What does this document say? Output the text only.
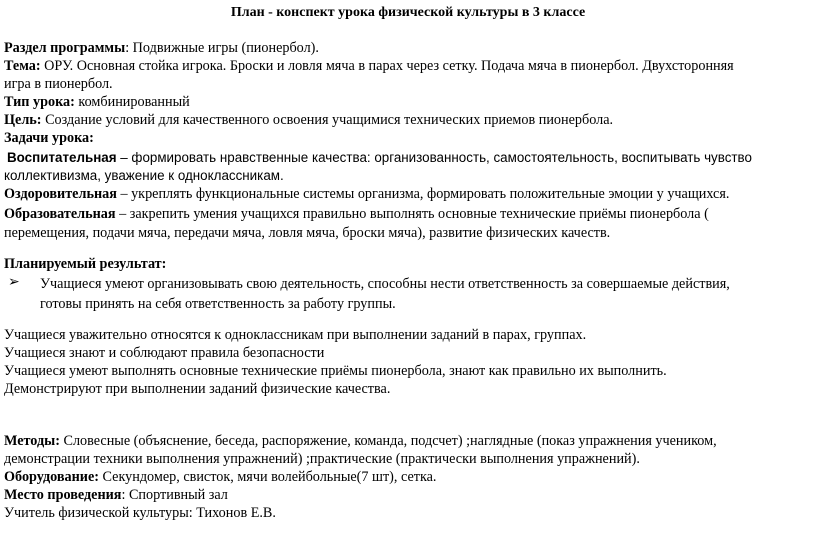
План - конспект урока физической культуры в 3 классе
Раздел программы: Подвижные игры (пионербол).
Тема: ОРУ. Основная стойка игрока. Броски и ловля мяча в парах через сетку. Подача мяча в пионербол. Двухсторонняя
игра в пионербол.
Тип урока: комбинированный
Цель: Создание условий для качественного освоения учащимися технических приемов пионербола.
Задачи урока:
Воспитательная – формировать нравственные качества: организованность, самостоятельность, воспитывать чувство
коллективизма, уважение к одноклассникам.
Оздоровительная – укреплять функциональные системы организма, формировать положительные эмоции у учащихся.
Образовательная – закрепить умения учащихся правильно выполнять основные технические приёмы пионербола (
перемещения, подачи мяча, передачи мяча, ловля мяча, броски мяча), развитие физических качеств.
Планируемый результат:
➢ Учащиеся умеют организовывать свою деятельность, способны нести ответственность за совершаемые действия,
готовы принять на себя ответственность за работу группы.
Учащиеся уважительно относятся к одноклассникам при выполнении заданий в парах, группах.
Учащиеся знают и соблюдают правила безопасности
Учащиеся умеют выполнять основные технические приёмы пионербола, знают как правильно их выполнить.
Демонстрируют при выполнении заданий физические качества.
Методы: Словесные (объяснение, беседа, распоряжение, команда, подсчет) ;наглядные (показ упражнения учеником,
демонстрации техники выполнения упражнений) ;практические (практически выполнения упражнений).
Оборудование: Секундомер, свисток, мячи волейбольные(7 шт), сетка.
Место проведения: Спортивный зал
Учитель физической культуры: Тихонов Е.В.
